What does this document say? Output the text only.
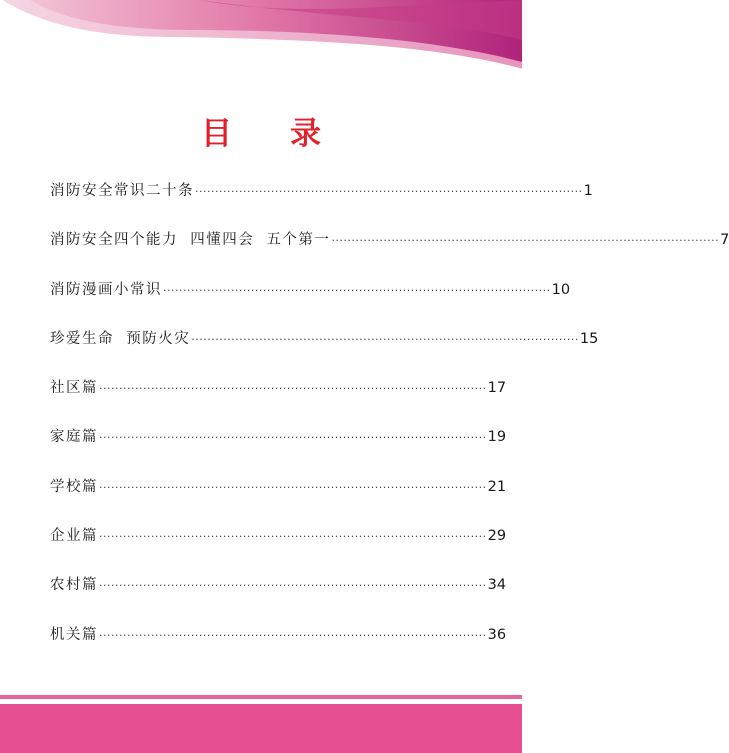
目 录
消防安全常识二十条 ································································································· 1
消防安全四个能力  四懂四会  五个第一 ································································································· 7
消防漫画小常识 ································································································· 10
珍爱生命  预防火灾 ································································································· 15
社区篇 ································································································· 17
家庭篇 ································································································· 19
学校篇 ································································································· 21
企业篇 ································································································· 29
农村篇 ································································································· 34
机关篇 ································································································· 36
